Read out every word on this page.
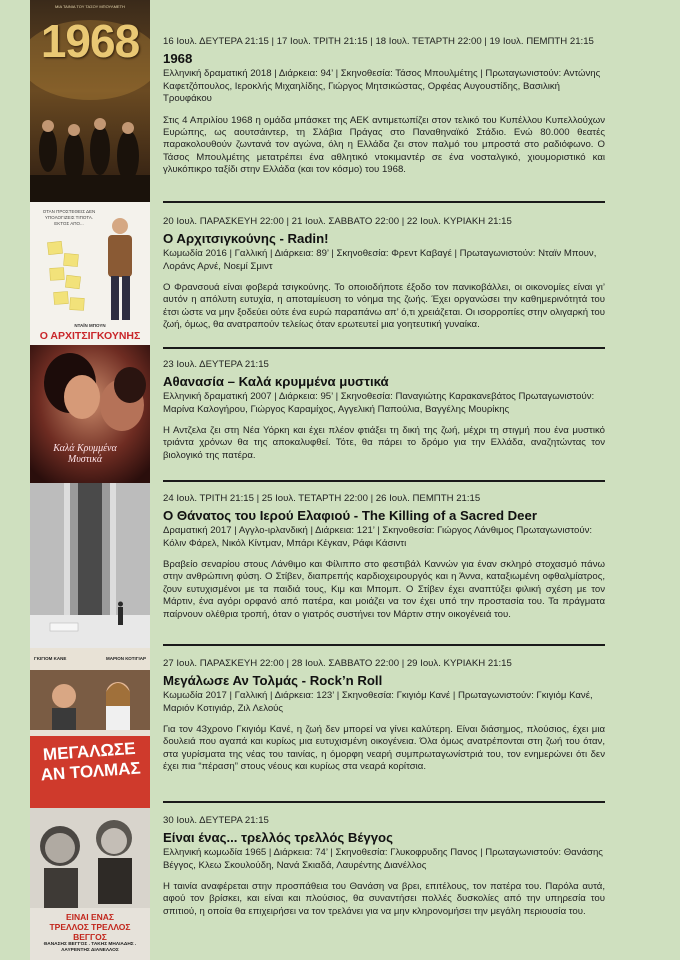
ΜΙΑ ΤΑΙΝΙΑ ΤΟΥ ΤΑΣΟΥ ΜΠΟΥΛΜΕΤΗ
1968	16 Ιουλ. ΔΕΥΤΕΡΑ 21:15 | 17 Ιουλ. ΤΡΙΤΗ 21:15 | 18 Ιουλ. ΤΕΤΑΡΤΗ 22:00 | 19 Ιουλ. ΠΕΜΠΤΗ 21:15
1968
Ελληνική δραματική 2018 | Διάρκεια: 94’ | Σκηνοθεσία: Τάσος Μπουλμέτης | Πρωταγωνιστούν: Αντώνης Καφετζόπουλος, Ιεροκλής Μιχαηλίδης, Γιώργος Μητσικώστας, Ορφέας Αυγουστίδης, Βασιλική Τρουφάκου
Στις 4 Απριλίου 1968 η ομάδα μπάσκετ της ΑΕΚ αντιμετωπίζει στον τελικό του Κυπέλλου Κυπελλούχων Ευρώπης, ως αουτσάιντερ, τη Σλάβια Πράγας στο Παναθηναϊκό Στάδιο. Ενώ 80.000 θεατές παρακολουθούν ζωντανά τον αγώνα, όλη η Ελλάδα ζει στον παλμό του μπροστά στο ραδιόφωνο. Ο Τάσος Μπουλμέτης μετατρέπει ένα αθλητικό ντοκιμαντέρ σε ένα νοσταλγικό, χιουμοριστικό και γλυκόπικρο ταξίδι στην Ελλάδα (και τον κόσμο) του 1968.
ΟΤΑΝ ΠΡΟΣΤΕΘΕΙΣ ΔΕΝ ΥΠΟΛΟΓΙΖΕΙΣ ΤΙΠΟΤΑ. ΕΚΤΟΣ ΑΠΟ...
ΝΤΑΪΝ ΜΠΟΥΝ
Ο ΑΡΧΙΤΣΙΓΚΟΥΝΗΣ
20 Ιουλ. ΠΑΡΑΣΚΕΥΗ 22:00 | 21 Ιουλ. ΣΑΒΒΑΤΟ 22:00 | 22 Ιουλ. ΚΥΡΙΑΚΗ 21:15
Ο Αρχιτσιγκούνης - Radin!
Κωμωδία 2016 | Γαλλική | Διάρκεια: 89’ | Σκηνοθεσία: Φρεντ Καβαγέ | Πρωταγωνιστούν: Νταϊν Μπουν, Λοράνς Αρνέ, Νοεμί Σμιντ
Ο Φρανσουά είναι φοβερά τσιγκούνης. Το οποιοδήποτε έξοδο τον πανικοβάλλει, οι οικονομίες είναι γι’ αυτόν η απόλυτη ευτυχία, η αποταμίευση το νόημα της ζωής. Έχει οργανώσει την καθημερινότητά του έτσι ώστε να μην ξοδεύει ούτε ένα ευρώ παραπάνω απ’ ό,τι χρειάζεται. Οι ισορροπίες στην ολιγαρκή του ζωή, όμως, θα ανατραπούν τελείως όταν ερωτευτεί μια γοητευτική γυναίκα.
Καλά Κρυμμένα Μυστικά
23 Ιουλ. ΔΕΥΤΕΡΑ 21:15
Αθανασία – Καλά κρυμμένα μυστικά
Ελληνική δραματική 2007 | Διάρκεια: 95’ | Σκηνοθεσία: Παναγιώτης Καρακανεβάτος Πρωταγωνιστούν: Μαρίνα Καλογήρου, Γιώργος Καραμίχος, Αγγελική Παπούλια, Βαγγέλης Μουρίκης
Η Αντζελα ζει στη Νέα Υόρκη και έχει πλέον φτιάξει τη δική της ζωή, μέχρι τη στιγμή που ένα μυστικό τριάντα χρόνων θα της αποκαλυφθεί. Τότε, θα πάρει το δρόμο για την Ελλάδα, αναζητώντας τον βιολογικό της πατέρα.
24 Ιουλ. ΤΡΙΤΗ 21:15 | 25 Ιουλ. ΤΕΤΑΡΤΗ 22:00 | 26 Ιουλ. ΠΕΜΠΤΗ 21:15
Ο Θάνατος του Ιερού Ελαφιού - The Killing of a Sacred Deer
Δραματική 2017 | Αγγλο-ιρλανδική | Διάρκεια: 121’ | Σκηνοθεσία: Γιώργος Λάνθιμος Πρωταγωνιστούν: Κόλιν Φάρελ, Νικόλ Κίντμαν, Μπάρι Κέγκαν, Ράφι Κάσιντι
Βραβείο σεναρίου στους Λάνθιμο και Φίλιππο στο φεστιβάλ Καννών για έναν σκληρό στοχασμό πάνω στην ανθρώπινη φύση. Ο Στίβεν, διαπρεπής καρδιοχειρουργός και η Άννα, καταξιωμένη οφθαλμίατρος, ζουν ευτυχισμένοι με τα παιδιά τους, Κιμ και Μπομπ. Ο Στίβεν έχει αναπτύξει φιλική σχέση με τον Μάρτιν, ένα αγόρι ορφανό από πατέρα, και μοιάζει να τον έχει υπό την προστασία του. Τα πράγματα παίρνουν ολέθρια τροπή, όταν ο γιατρός συστήνει τον Μάρτιν στην οικογένειά του.
ΓΚΙΓΙΟΜ ΚΑΝΕ	ΜΑΡΙΟΝ ΚΟΤΙΓΙΑΡ
ΜΕΓΑΛΩΣΕ ΑΝ ΤΟΛΜΑΣ
27 Ιουλ. ΠΑΡΑΣΚΕΥΗ 22:00 | 28 Ιουλ. ΣΑΒΒΑΤΟ 22:00 | 29 Ιουλ. ΚΥΡΙΑΚΗ 21:15
Μεγάλωσε Αν Τολμάς - Rock’n Roll
Κωμωδία 2017 | Γαλλική | Διάρκεια: 123’ | Σκηνοθεσία: Γκιγιόμ Κανέ | Πρωταγωνιστούν: Γκιγιόμ Κανέ, Μαριόν Κοτιγιάρ, Ζιλ Λελούς
Για τον 43χρονο Γκιγιόμ Κανέ, η ζωή δεν μπορεί να γίνει καλύτερη. Είναι διάσημος, πλούσιος, έχει μια δουλειά που αγαπά και κυρίως μια ευτυχισμένη οικογένεια. Όλα όμως ανατρέπονται στη ζωή του όταν, στα γυρίσματα της νέας του ταινίας, η όμορφη νεαρή συμπρωταγωνίστριά του, τον ενημερώνει ότι δεν έχει πια “πέραση” στους νέους και κυρίως στα νεαρά κορίτσια.
ΕΙΝΑΙ ΕΝΑΣ ΤΡΕΛΛΟΣ ΤΡΕΛΛΟΣ ΒΕΓΓΟΣ
ΘΑΝΑΣΗΣ ΒΕΓΓΟΣ . ΤΑΚΗΣ ΜΗΛΙΑΔΗΣ . ΛΑΥΡΕΝΤΗΣ ΔΙΑΝΕΛΛΟΣ
30 Ιουλ. ΔΕΥΤΕΡΑ 21:15
Είναι ένας... τρελλός τρελλός Βέγγος
Ελληνική κωμωδία 1965 | Διάρκεια: 74’ | Σκηνοθεσία: Γλυκοφρυδης Πανος | Πρωταγωνιστούν: Θανάσης Βέγγος, Κλεω Σκουλούδη, Νανά Σκιαδά, Λαυρέντης Διανέλλος
Η ταινία αναφέρεται στην προσπάθεια του Θανάση να βρει, επιτέλους, τον πατέρα του. Παρόλα αυτά, αφού τον βρίσκει, και είναι και πλούσιος, θα συναντήσει πολλές δυσκολίες από την υπηρεσία του σπιτιού, η οποία θα επιχειρήσει να τον τρελάνει για να μην κληρονομήσει την μεγάλη περιουσία του.
